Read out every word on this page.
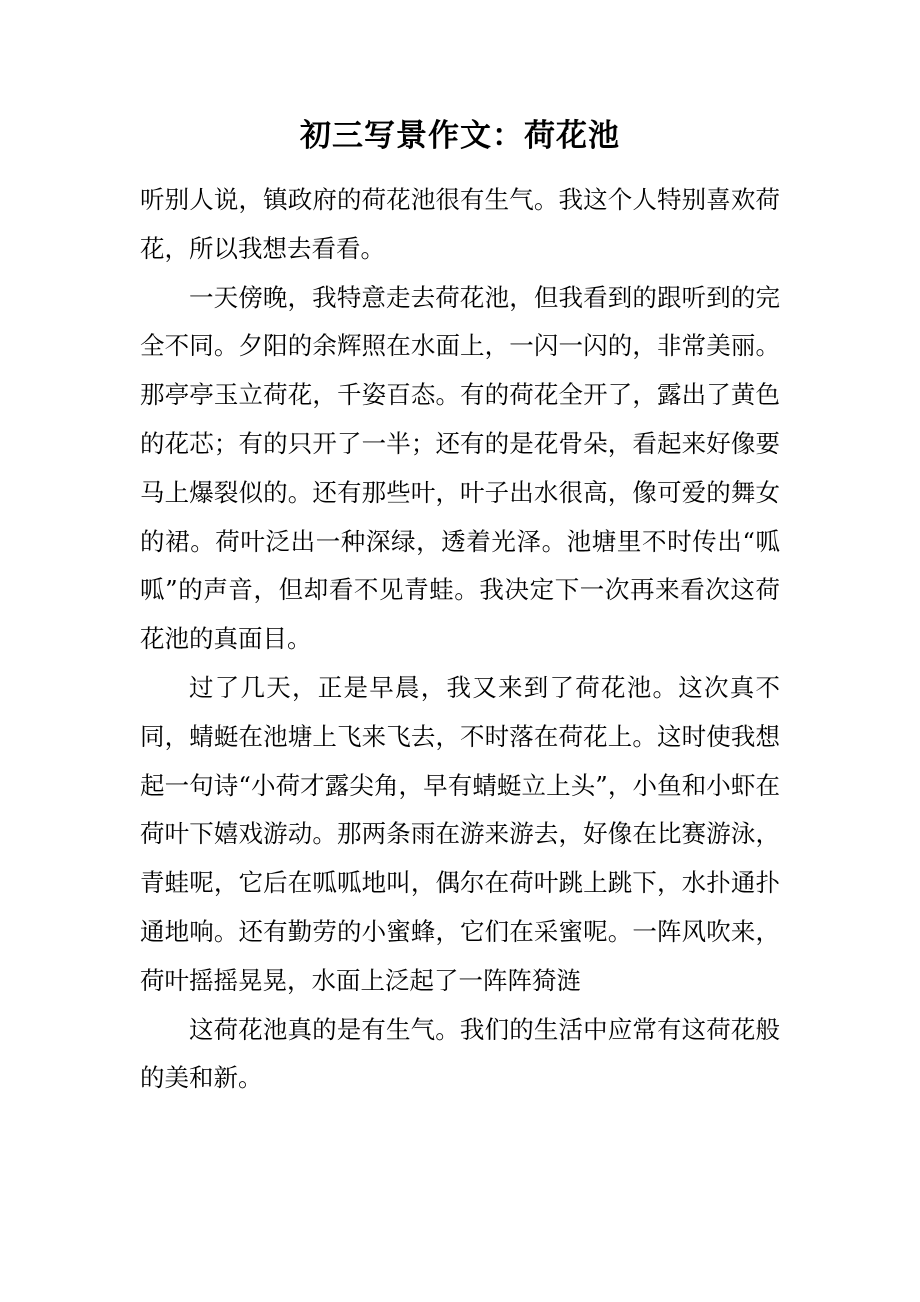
初三写景作文：荷花池

听别人说，镇政府的荷花池很有生气。我这个人特别喜欢荷花，所以我想去看看。

一天傍晚，我特意走去荷花池，但我看到的跟听到的完全不同。夕阳的余辉照在水面上，一闪一闪的，非常美丽。那亭亭玉立荷花，千姿百态。有的荷花全开了，露出了黄色的花芯；有的只开了一半；还有的是花骨朵，看起来好像要马上爆裂似的。还有那些叶，叶子出水很高，像可爱的舞女的裙。荷叶泛出一种深绿，透着光泽。池塘里不时传出“呱呱”的声音，但却看不见青蛙。我决定下一次再来看次这荷花池的真面目。

过了几天，正是早晨，我又来到了荷花池。这次真不同，蜻蜓在池塘上飞来飞去，不时落在荷花上。这时使我想起一句诗“小荷才露尖角，早有蜻蜓立上头”，小鱼和小虾在荷叶下嬉戏游动。那两条雨在游来游去，好像在比赛游泳，青蛙呢，它后在呱呱地叫，偶尔在荷叶跳上跳下，水扑通扑通地响。还有勤劳的小蜜蜂，它们在采蜜呢。一阵风吹来，荷叶摇摇晃晃，水面上泛起了一阵阵猗涟

这荷花池真的是有生气。我们的生活中应常有这荷花般的美和新。
